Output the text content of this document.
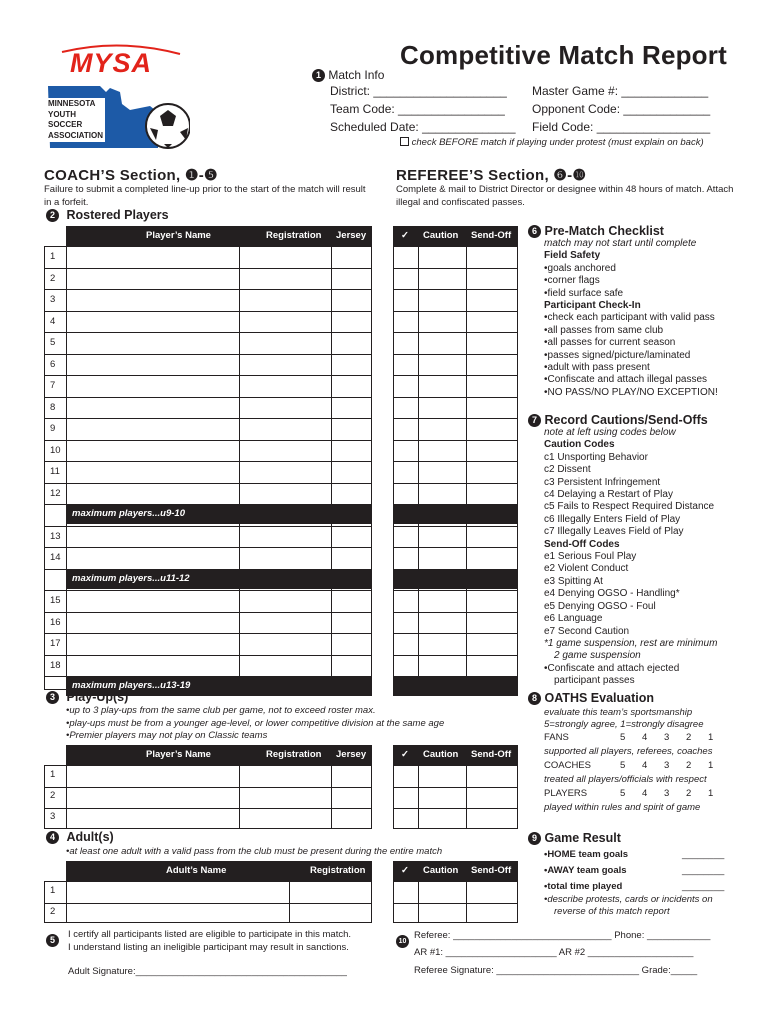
MYSA
MINNESOTA
YOUTH
SOCCER
ASSOCIATION
Competitive Match Report
1 Match Info
District: ____________________
Team Code: ________________
Scheduled Date: ______________
Master Game #: _____________
Opponent Code: _____________
Field Code: _________________
check BEFORE match if playing under protest (must explain on back)
COACH’S Section, ❶-❺
Failure to submit a completed line-up prior to the start of the match will result in a forfeit.
2 Rostered Players
REFEREE’S Section, ❻-❿
Complete & mail to District Director or designee within 48 hours of match. Attach illegal and confiscated passes.
Player’s Name	Registration Jersey	✓ Caution Send-Off
1
2
3
4
5
6
7
8
9
10
11
12
maximum players...u9-10
13
14
maximum players...u11-12
15
16
17
18
maximum players...u13-19
6 Pre-Match Checklist
match may not start until complete
Field Safety
•goals anchored
•corner flags
•field surface safe
Participant Check-In
•check each participant with valid pass
•all passes from same club
•all passes for current season
•passes signed/picture/laminated
•adult with pass present
•Confiscate and attach illegal passes
•NO PASS/NO PLAY/NO EXCEPTION!
7 Record Cautions/Send-Offs
note at left using codes below
Caution Codes
c1 Unsporting Behavior
c2 Dissent
c3 Persistent Infringement
c4 Delaying a Restart of Play
c5 Fails to Respect Required Distance
c6 Illegally Enters Field of Play
c7 Illegally Leaves Field of Play
Send-Off Codes
e1 Serious Foul Play
e2 Violent Conduct
e3 Spitting At
e4 Denying OGSO - Handling*
e5 Denying OGSO - Foul
e6 Language
e7 Second Caution
*1 game suspension, rest are minimum
2 game suspension
•Confiscate and attach ejected
participant passes
3 Play-Up(s)
•up to 3 play-ups from the same club per game, not to exceed roster max.
•play-ups must be from a younger age-level, or lower competitive division at the same age
•Premier players may not play on Classic teams
Player’s Name	Registration Jersey
1
2
3
✓ Caution Send-Off
8 OATHS Evaluation
evaluate this team’s sportsmanship
5=strongly agree, 1=strongly disagree
FANS	5 4 3 2 1
supported all players, referees, coaches
COACHES	5 4 3 2 1
treated all players/officials with respect
PLAYERS	5 4 3 2 1
played within rules and spirit of game
4 Adult(s)
•at least one adult with a valid pass from the club must be present during the entire match
Adult’s Name	Registration
1
2
✓ Caution Send-Off
9 Game Result
•HOME team goals	________
•AWAY team goals	________
•total time played	________
•describe protests, cards or incidents on
reverse of this match report
5	I certify all participants listed are eligible to participate in this match.
I understand listing an ineligible participant may result in sanctions.
Adult Signature:________________________________________
10
Referee: ______________________________ Phone: ____________
AR #1: _____________________ AR #2 ____________________
Referee Signature: ___________________________ Grade:_____
